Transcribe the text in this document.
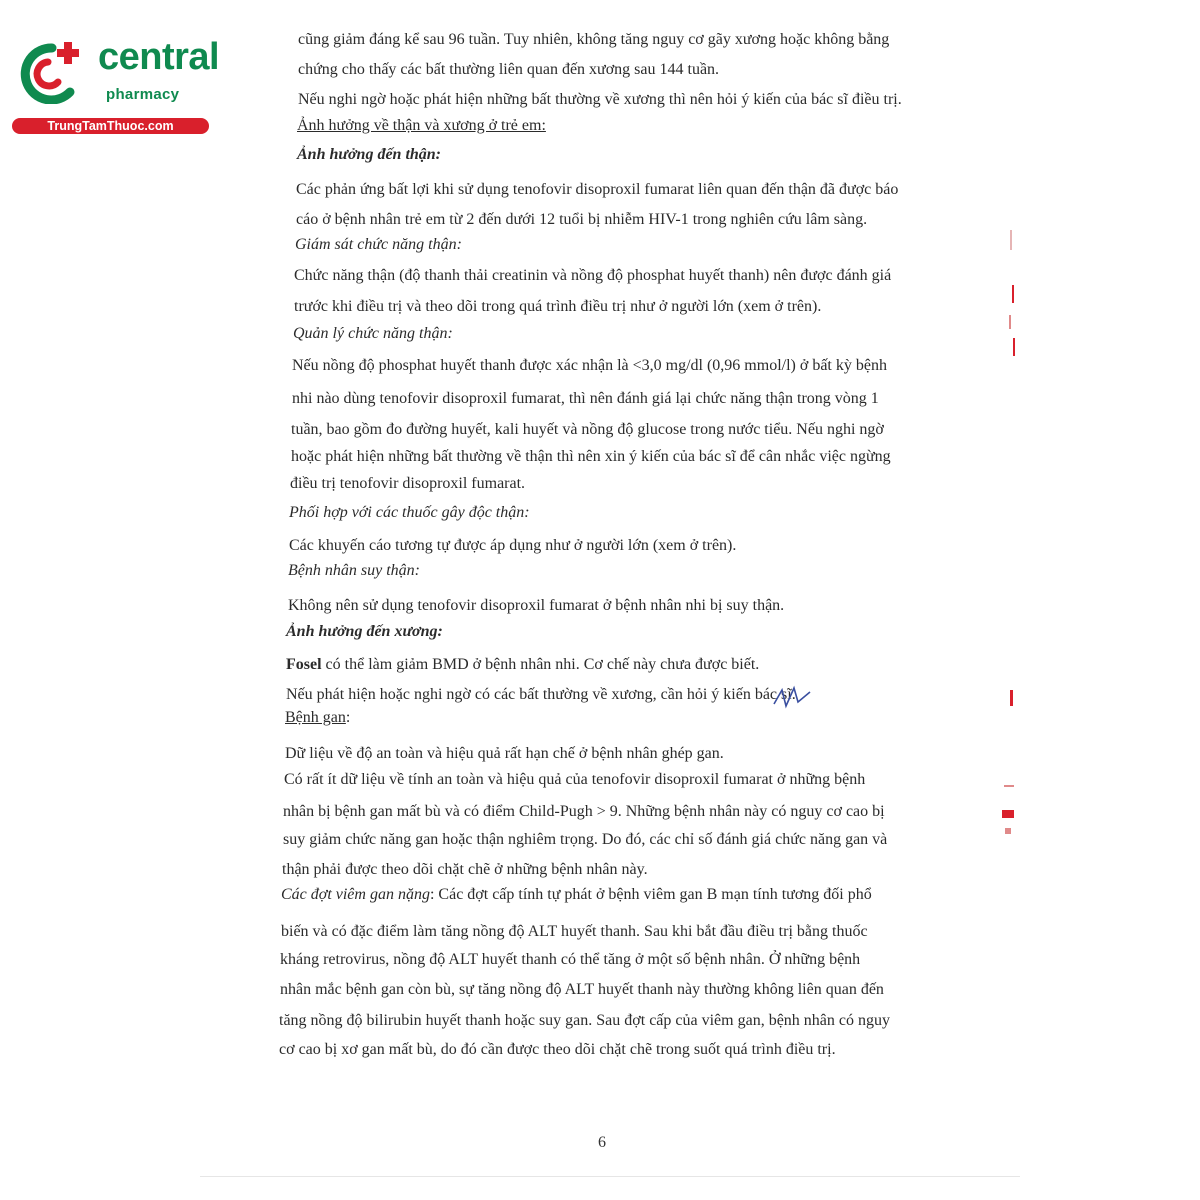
central
pharmacy
TrungTamThuoc.com
cũng giảm đáng kể sau 96 tuần. Tuy nhiên, không tăng nguy cơ gãy xương hoặc không bằng
chứng cho thấy các bất thường liên quan đến xương sau 144 tuần.
Nếu nghi ngờ hoặc phát hiện những bất thường về xương thì nên hỏi ý kiến của bác sĩ điều trị.
Ảnh hưởng về thận và xương ở trẻ em:
Ảnh hưởng đến thận:
Các phản ứng bất lợi khi sử dụng tenofovir disoproxil fumarat liên quan đến thận đã được báo
cáo ở bệnh nhân trẻ em từ 2 đến dưới 12 tuổi bị nhiễm HIV-1 trong nghiên cứu lâm sàng.
Giám sát chức năng thận:
Chức năng thận (độ thanh thải creatinin và nồng độ phosphat huyết thanh) nên được đánh giá
trước khi điều trị và theo dõi trong quá trình điều trị như ở người lớn (xem ở trên).
Quản lý chức năng thận:
Nếu nồng độ phosphat huyết thanh được xác nhận là <3,0 mg/dl (0,96 mmol/l) ở bất kỳ bệnh
nhi nào dùng tenofovir disoproxil fumarat, thì nên đánh giá lại chức năng thận trong vòng 1
tuần, bao gồm đo đường huyết, kali huyết và nồng độ glucose trong nước tiểu. Nếu nghi ngờ
hoặc phát hiện những bất thường về thận thì nên xin ý kiến của bác sĩ để cân nhắc việc ngừng
điều trị tenofovir disoproxil fumarat.
Phối hợp với các thuốc gây độc thận:
Các khuyến cáo tương tự được áp dụng như ở người lớn (xem ở trên).
Bệnh nhân suy thận:
Không nên sử dụng tenofovir disoproxil fumarat ở bệnh nhân nhi bị suy thận.
Ảnh hưởng đến xương:
Fosel có thể làm giảm BMD ở bệnh nhân nhi. Cơ chế này chưa được biết.
Nếu phát hiện hoặc nghi ngờ có các bất thường về xương, cần hỏi ý kiến bác sĩ.
Bệnh gan:
Dữ liệu về độ an toàn và hiệu quả rất hạn chế ở bệnh nhân ghép gan.
Có rất ít dữ liệu về tính an toàn và hiệu quả của tenofovir disoproxil fumarat ở những bệnh
nhân bị bệnh gan mất bù và có điểm Child-Pugh > 9. Những bệnh nhân này có nguy cơ cao bị
suy giảm chức năng gan hoặc thận nghiêm trọng. Do đó, các chỉ số đánh giá chức năng gan và
thận phải được theo dõi chặt chẽ ở những bệnh nhân này.
Các đợt viêm gan nặng: Các đợt cấp tính tự phát ở bệnh viêm gan B mạn tính tương đối phổ
biến và có đặc điểm làm tăng nồng độ ALT huyết thanh. Sau khi bắt đầu điều trị bằng thuốc
kháng retrovirus, nồng độ ALT huyết thanh có thể tăng ở một số bệnh nhân. Ở những bệnh
nhân mắc bệnh gan còn bù, sự tăng nồng độ ALT huyết thanh này thường không liên quan đến
tăng nồng độ bilirubin huyết thanh hoặc suy gan. Sau đợt cấp của viêm gan, bệnh nhân có nguy
cơ cao bị xơ gan mất bù, do đó cần được theo dõi chặt chẽ trong suốt quá trình điều trị.
6
